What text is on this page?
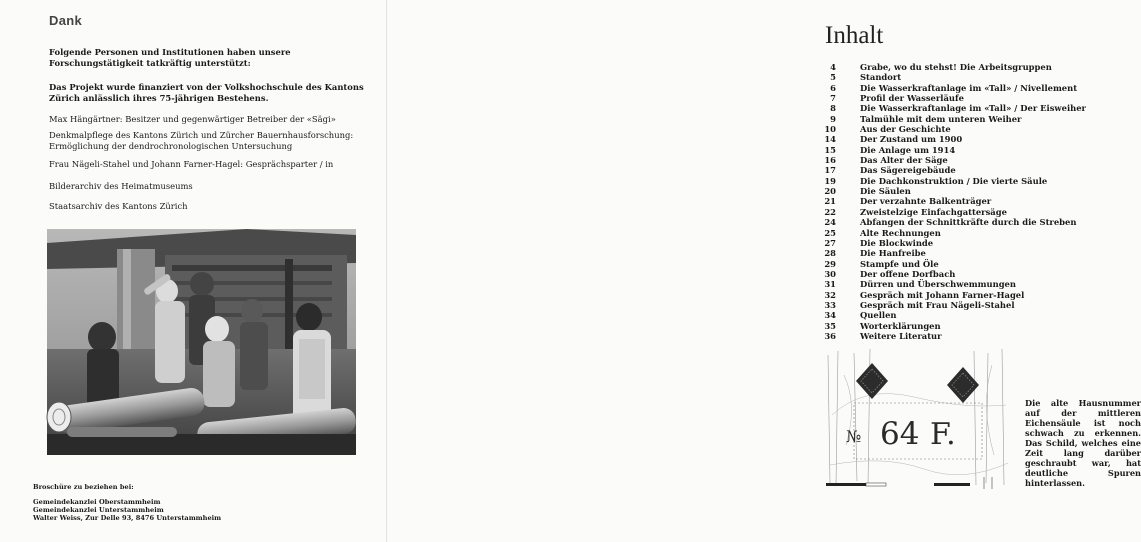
Dank

Folgende Personen und Institutionen haben unsere Forschungstätigkeit tatkräftig unterstützt:

Das Projekt wurde finanziert von der Volkshochschule des Kantons Zürich anlässlich ihres 75-jährigen Bestehens.

Max Hängärtner: Besitzer und gegenwärtiger Betreiber der «Sägi»

Denkmalpflege des Kantons Zürich und Zürcher Bauernhausforschung: Ermöglichung der dendrochronologischen Untersuchung

Frau Nägeli-Stahel und Johann Farner-Hagel: Gesprächsparter / in

Bilderarchiv des Heimatmuseums

Staatsarchiv des Kantons Zürich

Broschüre zu beziehen bei:

Gemeindekanzlei Oberstammheim

Gemeindekanzlei Unterstammheim

Walter Weiss, Zur Delle 93, 8476 Unterstammheim

Inhalt
4	Grabe, wo du stehst! Die Arbeitsgruppen
5	Standort
6	Die Wasserkraftanlage im «Tall» / Nivellement
7	Profil der Wasserläufe
8	Die Wasserkraftanlage im «Tall» / Der Eisweiher
9	Talmühle mit dem unteren Weiher
10	Aus der Geschichte
14	Der Zustand um 1900
15	Die Anlage um 1914
16	Das Alter der Säge
17	Das Sägereigebäude
19	Die Dachkonstruktion / Die vierte Säule
20	Die Säulen
21	Der verzahnte Balkenträger
22	Zweistelzige Einfachgattersäge
24	Abfangen der Schnittkräfte durch die Streben
25	Alte Rechnungen
27	Die Blockwinde
28	Die Hanfreibe
29	Stampfe und Öle
30	Der offene Dorfbach
31	Dürren und Überschwemmungen
32	Gespräch mit Johann Farner-Hagel
33	Gespräch mit Frau Nägeli-Stahel
34	Quellen
35	Worterklärungen
36	Weitere Literatur
№ 64 F.

Die alte Hausnummer auf der mittleren Eichensäule ist noch schwach zu erkennen. Das Schild, welches eine Zeit lang darüber geschraubt war, hat deutliche Spuren hinterlassen.
